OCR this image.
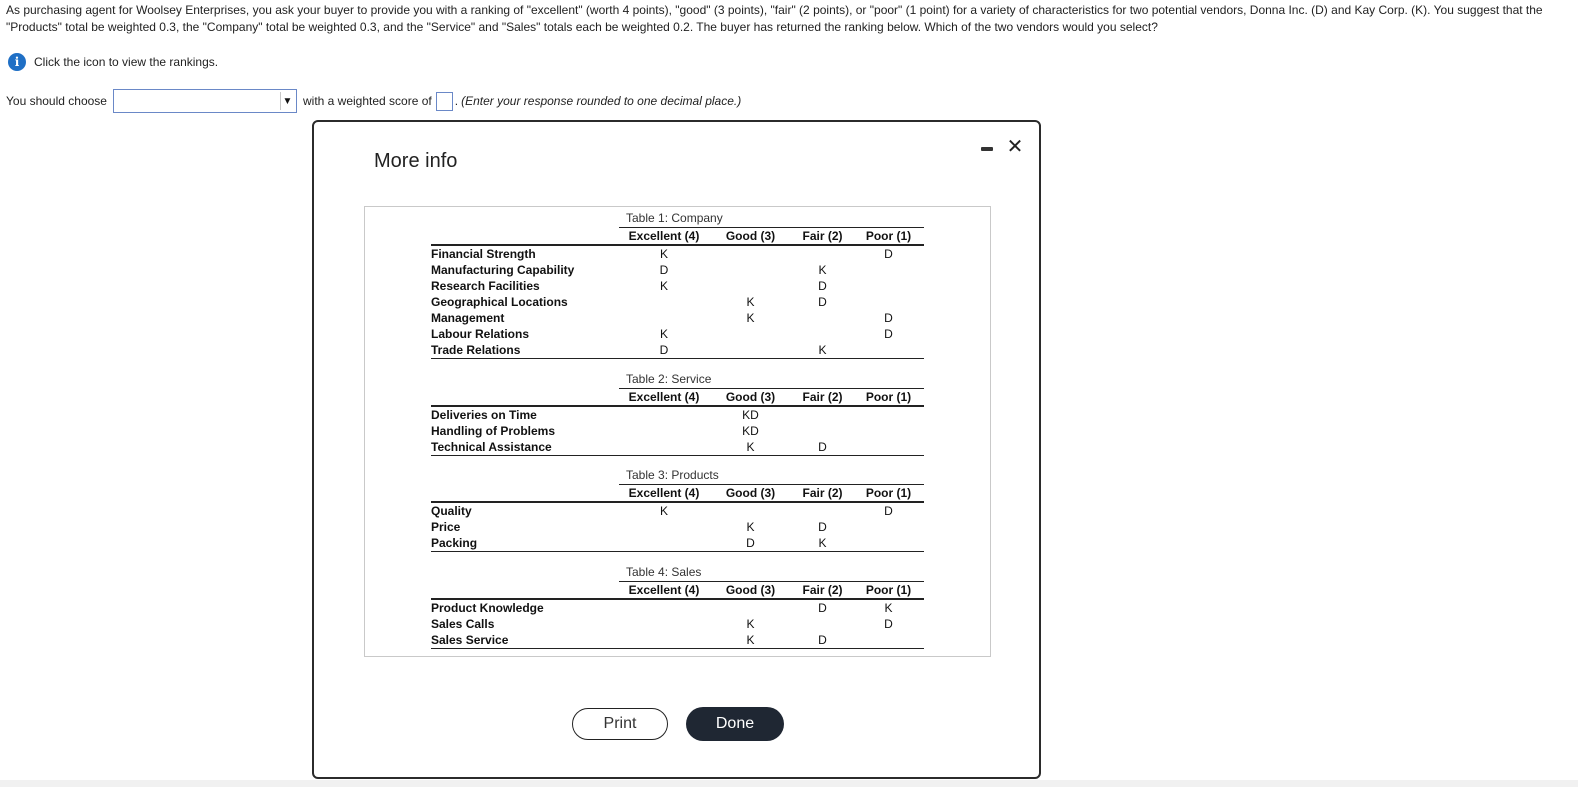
As purchasing agent for Woolsey Enterprises, you ask your buyer to provide you with a ranking of "excellent" (worth 4 points), "good" (3 points), "fair" (2 points), or "poor" (1 point) for a variety of characteristics for two potential vendors, Donna Inc. (D) and Kay Corp. (K). You suggest that the "Products" total be weighted 0.3, the "Company" total be weighted 0.3, and the "Service" and "Sales" totals each be weighted 0.2. The buyer has returned the ranking below. Which of the two vendors would you select?
i	Click the icon to view the rankings.
You should choose	▼ with a weighted score of . (Enter your response rounded to one decimal place.)
More info
✕
Table 1: Company
	Excellent (4)	Good (3)	Fair (2)	Poor (1)
Financial Strength	K			D
Manufacturing Capability	D		K	
Research Facilities	K		D	
Geographical Locations		K	D	
Management		K		D
Labour Relations	K			D
Trade Relations	D		K	
Table 2: Service
	Excellent (4)	Good (3)	Fair (2)	Poor (1)
Deliveries on Time		KD		
Handling of Problems		KD		
Technical Assistance		K	D	
Table 3: Products
	Excellent (4)	Good (3)	Fair (2)	Poor (1)
Quality	K			D
Price		K	D	
Packing		D	K	
Table 4: Sales
	Excellent (4)	Good (3)	Fair (2)	Poor (1)
Product Knowledge			D	K
Sales Calls		K		D
Sales Service		K	D	
Print	Done
